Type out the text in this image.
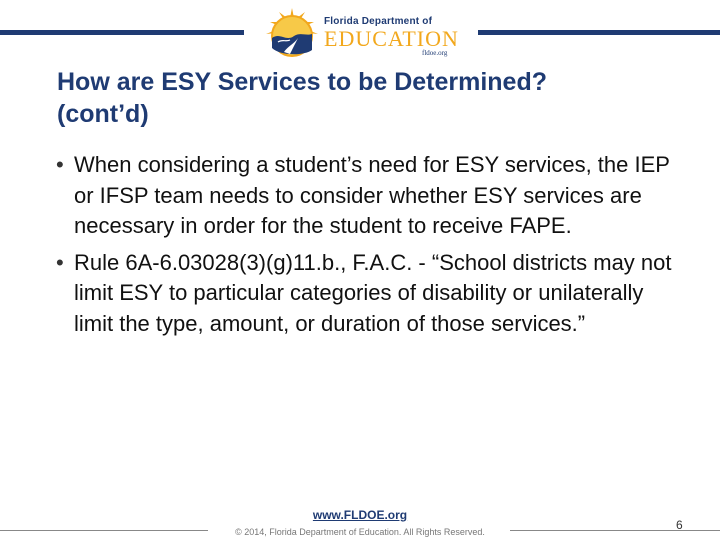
Florida Department of
EDUCATION
fldoe.org
How are ESY Services to be Determined?
(cont’d)
• When considering a student’s need for ESY services, the IEP or IFSP team needs to consider whether ESY services are necessary in order for the student to receive FAPE.
• Rule 6A-6.03028(3)(g)11.b., F.A.C. - “School districts may not limit ESY to particular categories of disability or unilaterally limit the type, amount, or duration of those services.”
www.FLDOE.org
© 2014, Florida Department of Education. All Rights Reserved.	6
